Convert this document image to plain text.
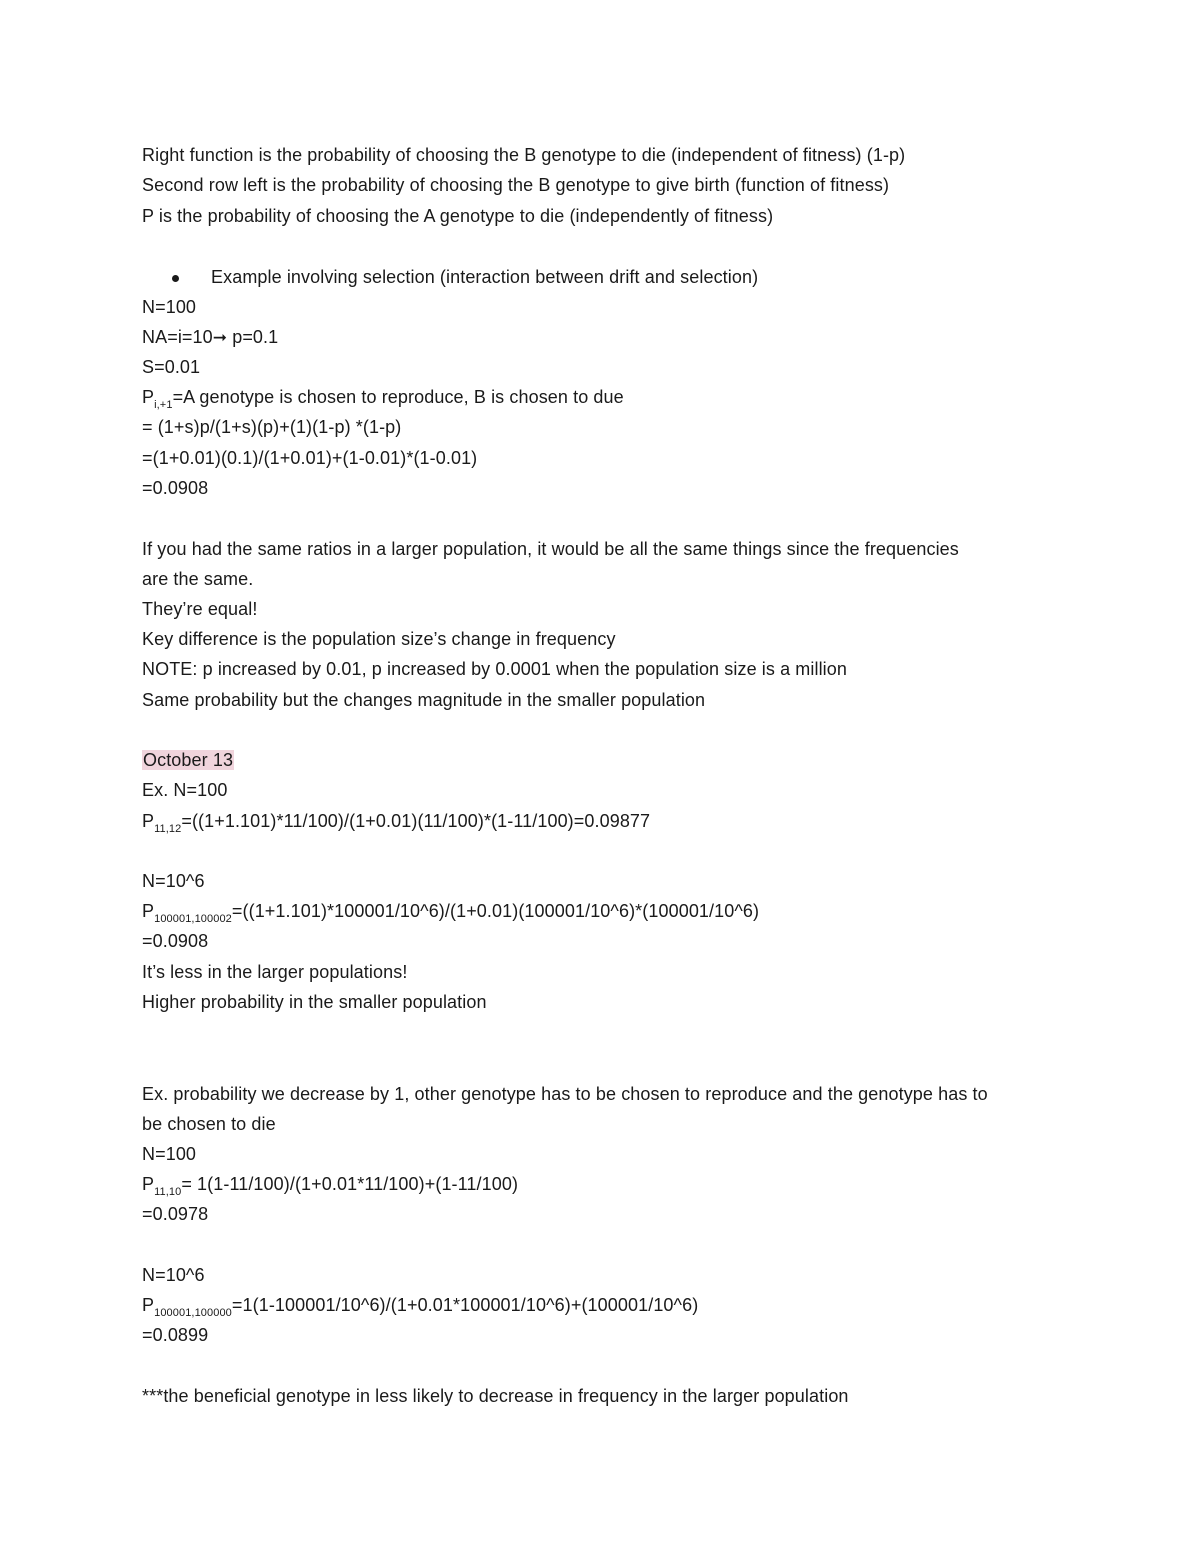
Right function is the probability of choosing the B genotype to die (independent of fitness) (1-p)
Second row left is the probability of choosing the B genotype to give birth (function of fitness)
P is the probability of choosing the A genotype to die (independently of fitness)
Example involving selection (interaction between drift and selection)
N=100
NA=i=10➞ p=0.1
S=0.01
$P_{i,+1}=A$ genotype is chosen to reproduce, B is chosen to due
= (1+s)p/(1+s)(p)+(1)(1-p) *(1-p)
=(1+0.01)(0.1)/(1+0.01)+(1-0.01)*(1-0.01)
=0.0908
If you had the same ratios in a larger population, it would be all the same things since the frequencies
are the same.
They’re equal!
Key difference is the population size’s change in frequency
NOTE: p increased by 0.01, p increased by 0.0001 when the population size is a million
Same probability but the changes magnitude in the smaller population
October 13
Ex. N=100
$P_{11,12}=((1+1.101)*11/100)/(1+0.01)(11/100)*(1-11/100)=0.09877$
N=10^6
$P_{100001,100002}=((1+1.101)*100001/10\^{}6)/(1+0.01)(100001/10\^{}6)*(100001/10\^{}6)$
=0.0908
It’s less in the larger populations!
Higher probability in the smaller population
Ex. probability we decrease by 1, other genotype has to be chosen to reproduce and the genotype has to
be chosen to die
N=100
$P_{11,10}= 1(1-11/100)/(1+0.01*11/100)+(1-11/100)$
=0.0978
N=10^6
$P_{100001,100000}=1(1-100001/10\^{}6)/(1+0.01*100001/10\^{}6)+(100001/10\^{}6)$
=0.0899
***the beneficial genotype in less likely to decrease in frequency in the larger population
